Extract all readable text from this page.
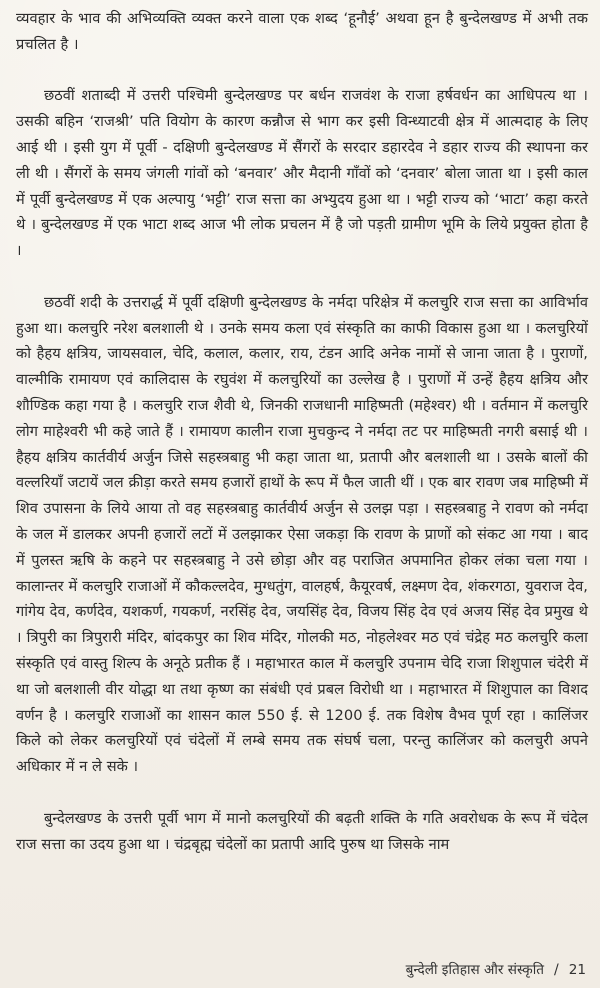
व्यवहार के भाव की अभिव्यक्ति व्यक्त करने वाला एक शब्द ‘हूनौई’ अथवा हून है बुन्देलखण्ड में अभी तक प्रचलित है ।

छठवीं शताब्दी में उत्तरी पश्चिमी बुन्देलखण्ड पर बर्धन राजवंश के राजा हर्षवर्धन का आधिपत्य था । उसकी बहिन ‘राजश्री’ पति वियोग के कारण कन्नौज से भाग कर इसी विन्ध्याटवी क्षेत्र में आत्मदाह के लिए आई थी । इसी युग में पूर्वी - दक्षिणी बुन्देलखण्ड में सैंगरों के सरदार डहारदेव ने डहार राज्य की स्थापना कर ली थी । सैंगरों के समय जंगली गांवों को ‘बनवार’ और मैदानी गाँवों को ‘दनवार’ बोला जाता था । इसी काल में पूर्वी बुन्देलखण्ड में एक अल्पायु ‘भट्टी’ राज सत्ता का अभ्युदय हुआ था । भट्टी राज्य को ‘भाटा’ कहा करते थे । बुन्देलखण्ड में एक भाटा शब्द आज भी लोक प्रचलन में है जो पड़ती ग्रामीण भूमि के लिये प्रयुक्त होता है ।

छठवीं शदी के उत्तरार्द्ध में पूर्वी दक्षिणी बुन्देलखण्ड के नर्मदा परिक्षेत्र में कलचुरि राज सत्ता का आविर्भाव हुआ था। कलचुरि नरेश बलशाली थे । उनके समय कला एवं संस्कृति का काफी विकास हुआ था । कलचुरियों को हैहय क्षत्रिय, जायसवाल, चेदि, कलाल, कलार, राय, टंडन आदि अनेक नामों से जाना जाता है । पुराणों, वाल्मीकि रामायण एवं कालिदास के रघुवंश में कलचुरियों का उल्लेख है । पुराणों में उन्हें हैहय क्षत्रिय और शौण्डिक कहा गया है । कलचुरि राज शैवी थे, जिनकी राजधानी माहिष्मती (महेश्वर) थी । वर्तमान में कलचुरि लोग माहेश्वरी भी कहे जाते हैं । रामायण कालीन राजा मुचकुन्द ने नर्मदा तट पर माहिष्मती नगरी बसाई थी । हैहय क्षत्रिय कार्तवीर्य अर्जुन जिसे सहस्त्रबाहु भी कहा जाता था, प्रतापी और बलशाली था । उसके बालों की वल्लरियाँ जटायें जल क्रीड़ा करते समय हजारों हाथों के रूप में फैल जाती थीं । एक बार रावण जब माहिष्मी में शिव उपासना के लिये आया तो वह सहस्त्रबाहु कार्तवीर्य अर्जुन से उलझ पड़ा । सहस्त्रबाहु ने रावण को नर्मदा के जल में डालकर अपनी हजारों लटों में उलझाकर ऐसा जकड़ा कि रावण के प्राणों को संकट आ गया । बाद में पुलस्त ऋषि के कहने पर सहस्त्रबाहु ने उसे छोड़ा और वह पराजित अपमानित होकर लंका चला गया । कालान्तर में कलचुरि राजाओं में कौकल्लदेव, मुग्धतुंग, वालहर्ष, कैयूरवर्ष, लक्ष्मण देव, शंकरगठा, युवराज देव, गांगेय देव, कर्णदेव, यशकर्ण, गयकर्ण, नरसिंह देव, जयसिंह देव, विजय सिंह देव एवं अजय सिंह देव प्रमुख थे । त्रिपुरी का त्रिपुरारी मंदिर, बांदकपुर का शिव मंदिर, गोलकी मठ, नोहलेश्वर मठ एवं चंद्रेह मठ कलचुरि कला संस्कृति एवं वास्तु शिल्प के अनूठे प्रतीक हैं । महाभारत काल में कलचुरि उपनाम चेदि राजा शिशुपाल चंदेरी में था जो बलशाली वीर योद्धा था तथा कृष्ण का संबंधी एवं प्रबल विरोधी था । महाभारत में शिशुपाल का विशद वर्णन है । कलचुरि राजाओं का शासन काल 550 ई. से 1200 ई. तक विशेष वैभव पूर्ण रहा । कालिंजर किले को लेकर कलचुरियों एवं चंदेलों में लम्बे समय तक संघर्ष चला, परन्तु कालिंजर को कलचुरी अपने अधिकार में न ले सके ।

बुन्देलखण्ड के उत्तरी पूर्वी भाग में मानो कलचुरियों की बढ़ती शक्ति के गति अवरोधक के रूप में चंदेल राज सत्ता का उदय हुआ था । चंद्रबृह्म चंदेलों का प्रतापी आदि पुरुष था जिसके नाम

बुन्देली इतिहास और संस्कृति / 21
